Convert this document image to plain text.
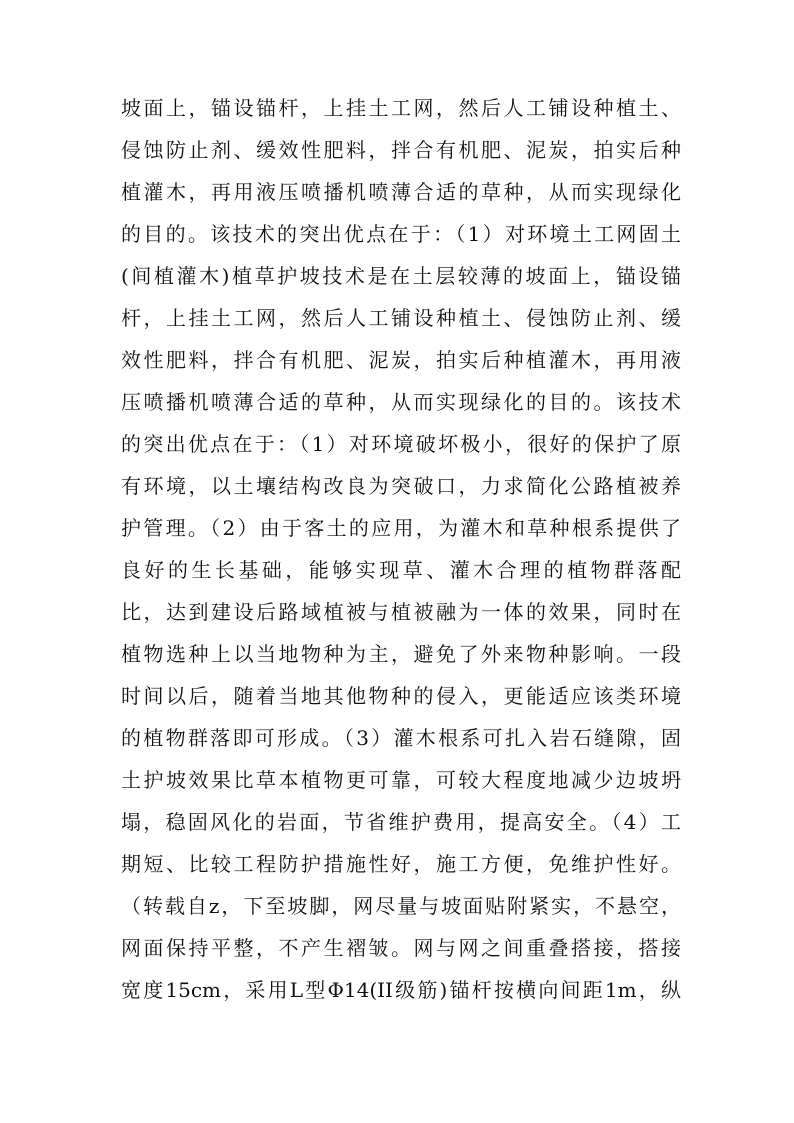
坡面上，锚设锚杆，上挂土工网，然后人工铺设种植土、
侵蚀防止剂、缓效性肥料，拌合有机肥、泥炭，拍实后种
植灌木，再用液压喷播机喷薄合适的草种，从而实现绿化
的目的。该技术的突出优点在于：（1）对环境土工网固土
(间植灌木)植草护坡技术是在土层较薄的坡面上，锚设锚
杆，上挂土工网，然后人工铺设种植土、侵蚀防止剂、缓
效性肥料，拌合有机肥、泥炭，拍实后种植灌木，再用液
压喷播机喷薄合适的草种，从而实现绿化的目的。该技术
的突出优点在于：（1）对环境破坏极小，很好的保护了原
有环境，以土壤结构改良为突破口，力求简化公路植被养
护管理。（2）由于客土的应用，为灌木和草种根系提供了
良好的生长基础，能够实现草、灌木合理的植物群落配
比，达到建设后路域植被与植被融为一体的效果，同时在
植物选种上以当地物种为主，避免了外来物种影响。一段
时间以后，随着当地其他物种的侵入，更能适应该类环境
的植物群落即可形成。（3）灌木根系可扎入岩石缝隙，固
土护坡效果比草本植物更可靠，可较大程度地减少边坡坍
塌，稳固风化的岩面，节省维护费用，提高安全。（4）工
期短、比较工程防护措施性好，施工方便，免维护性好。
（转载自z，下至坡脚，网尽量与坡面贴附紧实，不悬空，
网面保持平整，不产生褶皱。网与网之间重叠搭接，搭接
宽度15cm，采用L型Φ14(II级筋)锚杆按横向间距1m，纵
